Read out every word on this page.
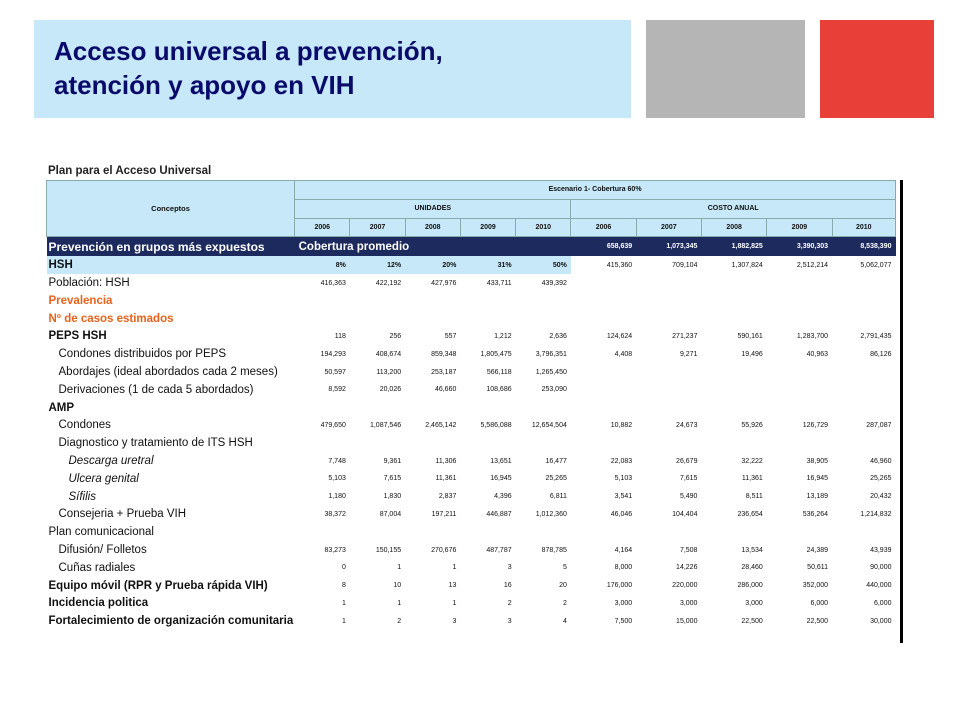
Acceso universal a prevención,
atención y apoyo en VIH
Plan para el Acceso Universal
Conceptos	Escenario 1- Cobertura 60%									
	UNIDADES					COSTO ANUAL				
	2006	2007	2008	2009	2010	2006	2007	2008	2009	2010
Prevención en grupos más expuestos	Cobertura promedio					658,639	1,073,345	1,882,825	3,390,303	8,538,390
HSH	8%	12%	20%	31%	50%	415,360	709,104	1,307,824	2,512,214	5,062,077
Población: HSH	416,363	422,192	427,976	433,711	439,392					
Prevalencia										
Nº de casos estimados										
PEPS HSH	118	256	557	1,212	2,636	124,624	271,237	590,161	1,283,700	2,791,435
Condones distribuidos por PEPS	194,293	408,674	859,348	1,805,475	3,796,351	4,408	9,271	19,496	40,963	86,126
Abordajes (ideal abordados cada 2 meses)	50,597	113,200	253,187	566,118	1,265,450					
Derivaciones (1 de cada 5 abordados)	8,592	20,026	46,660	108,686	253,090					
AMP										
Condones	479,650	1,087,546	2,465,142	5,586,088	12,654,504	10,882	24,673	55,926	126,729	287,087
Diagnostico y tratamiento de ITS HSH										
Descarga uretral	7,748	9,361	11,306	13,651	16,477	22,083	26,679	32,222	38,905	46,960
Ulcera genital	5,103	7,615	11,361	16,945	25,265	5,103	7,615	11,361	16,945	25,265
Sífilis	1,180	1,830	2,837	4,396	6,811	3,541	5,490	8,511	13,189	20,432
Consejeria + Prueba VIH	38,372	87,004	197,211	446,887	1,012,360	46,046	104,404	236,654	536,264	1,214,832
Plan comunicacional										
Difusión/ Folletos	83,273	150,155	270,676	487,787	878,785	4,164	7,508	13,534	24,389	43,939
Cuñas radiales	0	1	1	3	5	8,000	14,226	28,460	50,611	90,000
Equipo móvil (RPR y Prueba rápida VIH)	8	10	13	16	20	176,000	220,000	286,000	352,000	440,000
Incidencia politica	1	1	1	2	2	3,000	3,000	3,000	6,000	6,000
Fortalecimiento de organización comunitaria	1	2	3	3	4	7,500	15,000	22,500	22,500	30,000
